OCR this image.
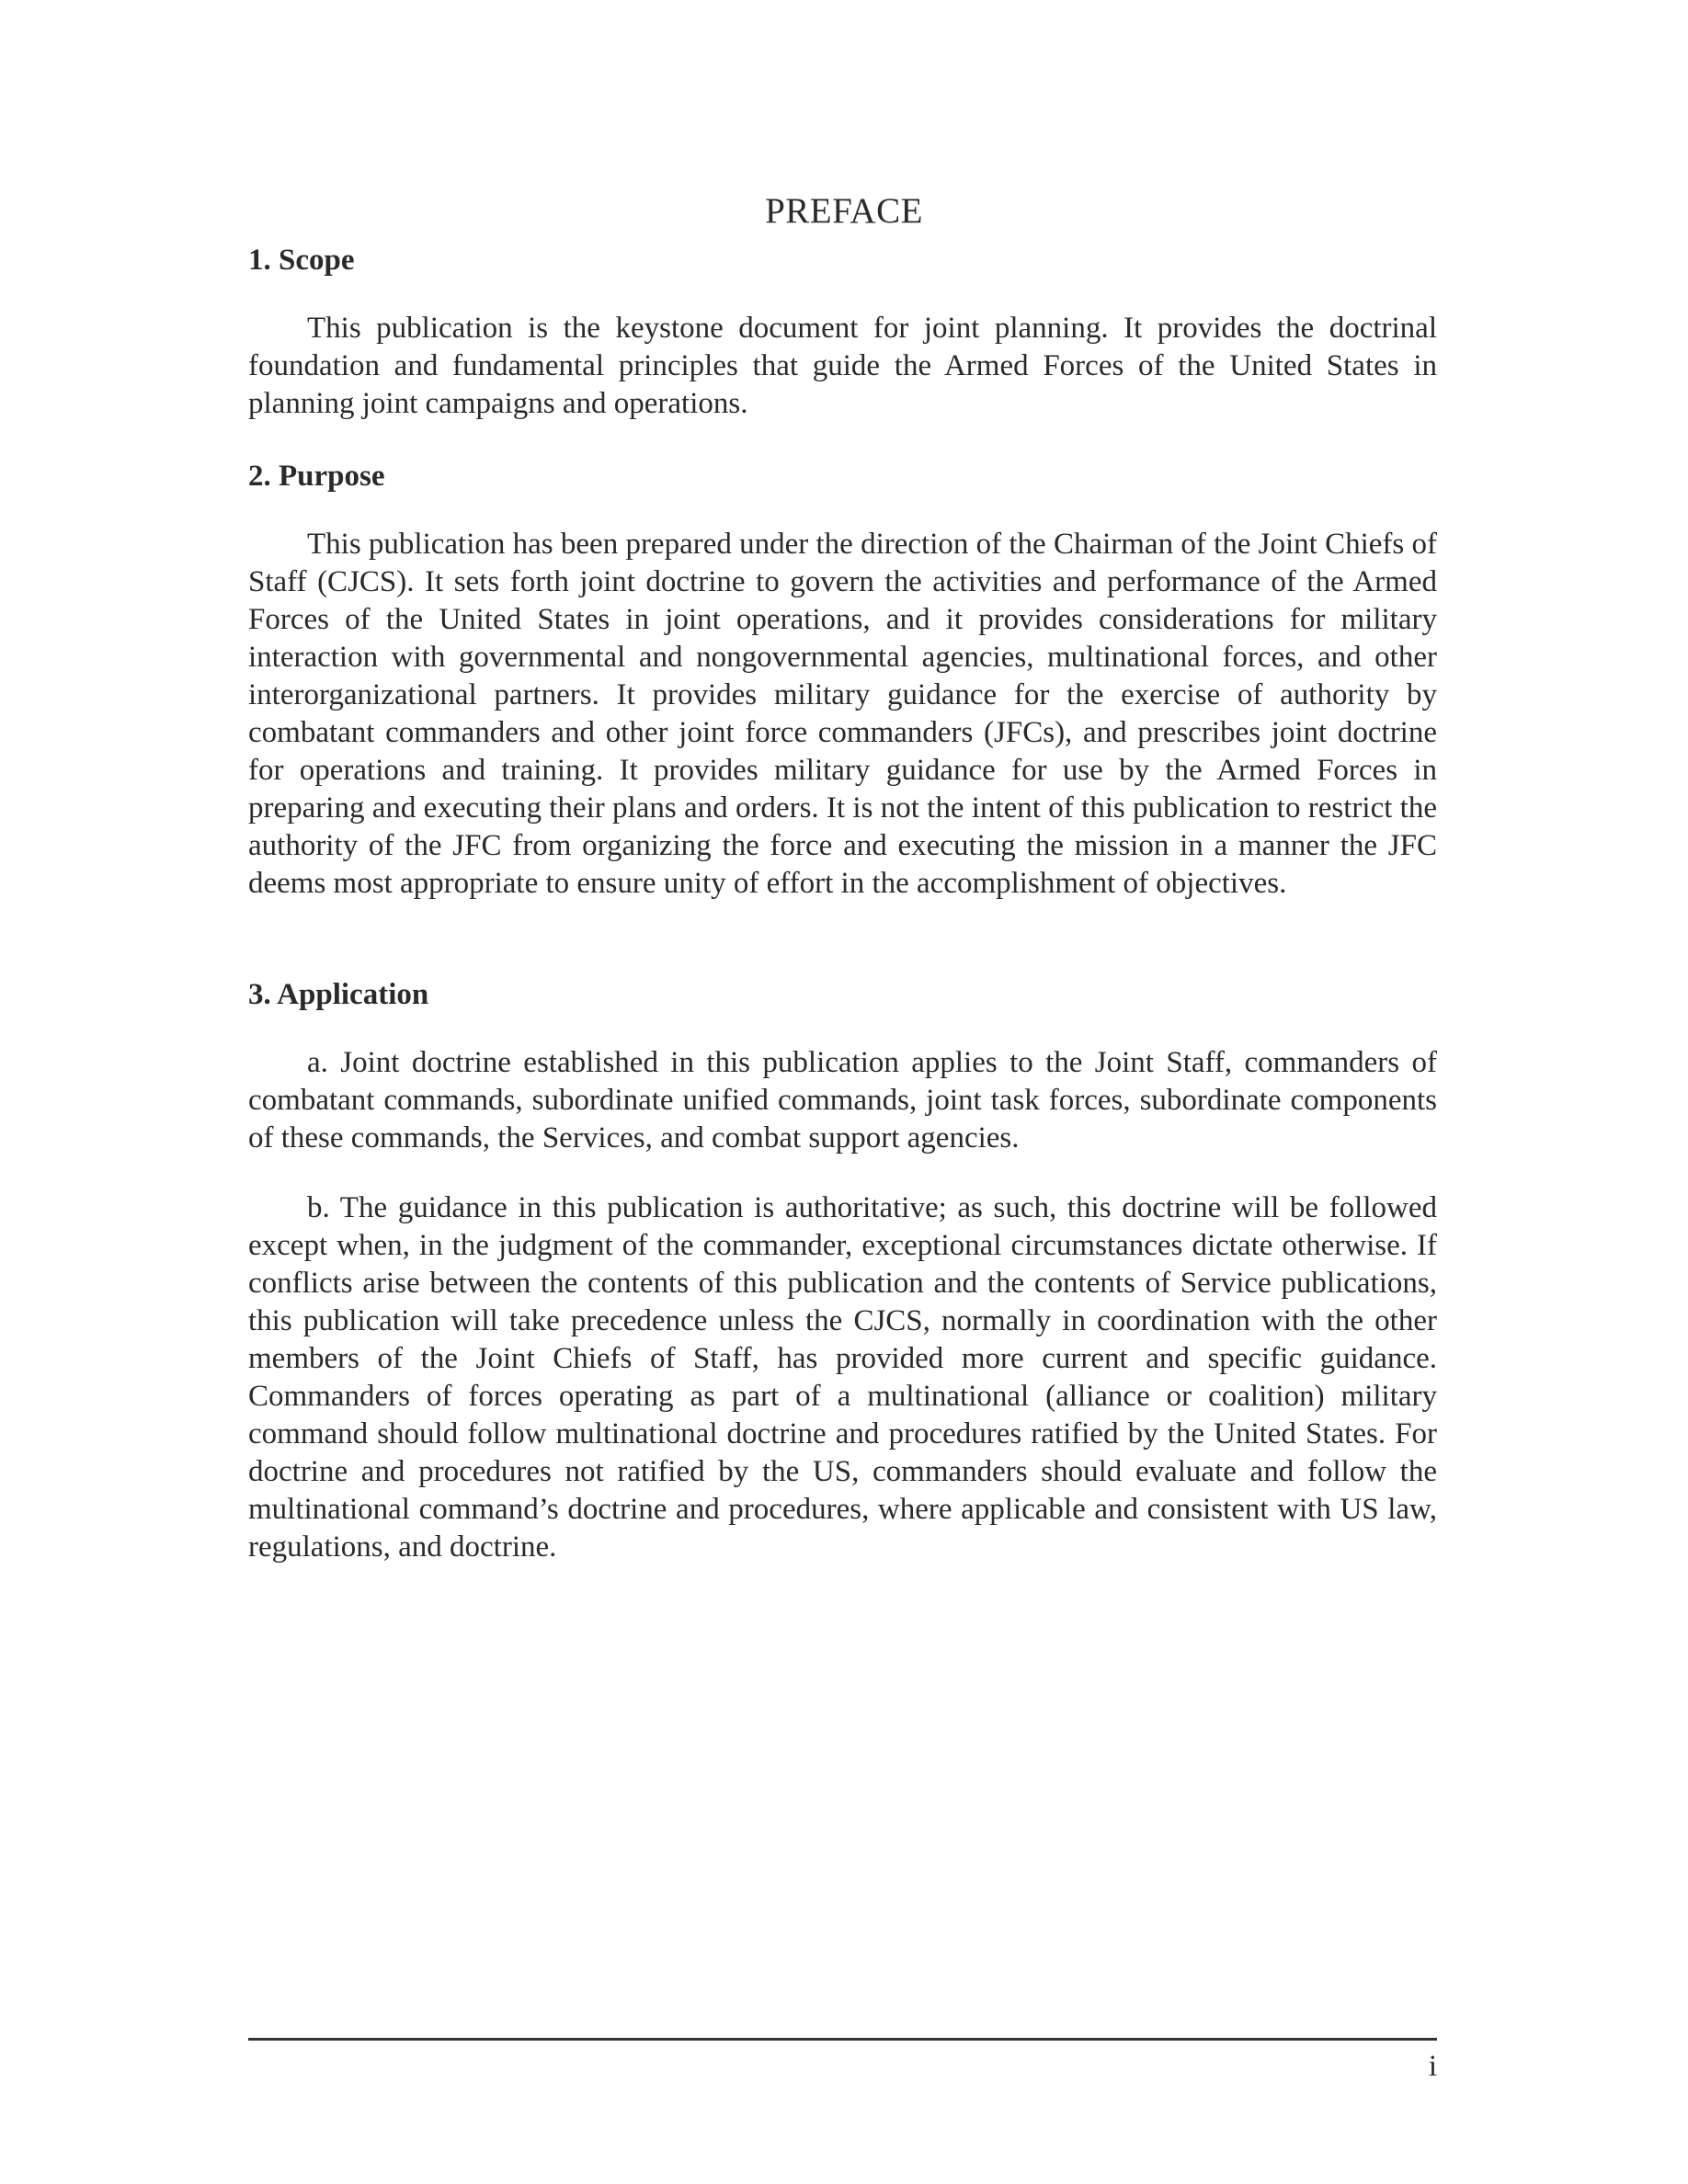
PREFACE
1. Scope

This publication is the keystone document for joint planning. It provides the doctrinal foundation and fundamental principles that guide the Armed Forces of the United States in planning joint campaigns and operations.

2. Purpose

This publication has been prepared under the direction of the Chairman of the Joint Chiefs of Staff (CJCS). It sets forth joint doctrine to govern the activities and performance of the Armed Forces of the United States in joint operations, and it provides considerations for military interaction with governmental and nongovernmental agencies, multinational forces, and other interorganizational partners. It provides military guidance for the exercise of authority by combatant commanders and other joint force commanders (JFCs), and prescribes joint doctrine for operations and training. It provides military guidance for use by the Armed Forces in preparing and executing their plans and orders. It is not the intent of this publication to restrict the authority of the JFC from organizing the force and executing the mission in a manner the JFC deems most appropriate to ensure unity of effort in the accomplishment of objectives.

3. Application

a. Joint doctrine established in this publication applies to the Joint Staff, commanders of combatant commands, subordinate unified commands, joint task forces, subordinate components of these commands, the Services, and combat support agencies.

b. The guidance in this publication is authoritative; as such, this doctrine will be followed except when, in the judgment of the commander, exceptional circumstances dictate otherwise. If conflicts arise between the contents of this publication and the contents of Service publications, this publication will take precedence unless the CJCS, normally in coordination with the other members of the Joint Chiefs of Staff, has provided more current and specific guidance. Commanders of forces operating as part of a multinational (alliance or coalition) military command should follow multinational doctrine and procedures ratified by the United States. For doctrine and procedures not ratified by the US, commanders should evaluate and follow the multinational command’s doctrine and procedures, where applicable and consistent with US law, regulations, and doctrine.

i
